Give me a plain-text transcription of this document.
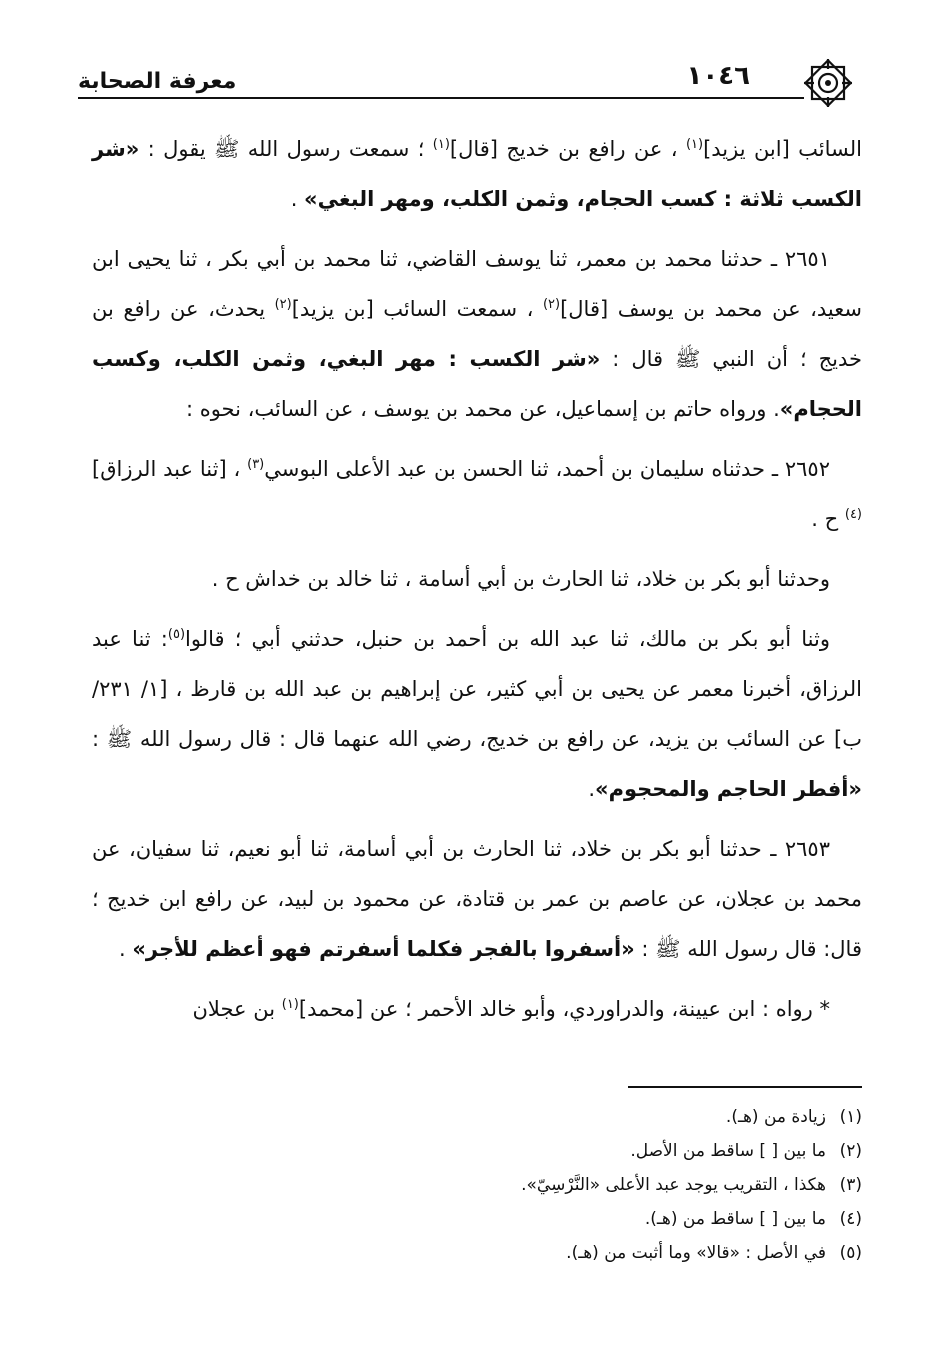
معرفة الصحابة	١٠٤٦

السائب [ابن يزيد]$^{(١)}$ ، عن رافع بن خديج [قال]$^{(١)}$ ؛ سمعت رسول الله ﷺ يقول : «شر الكسب ثلاثة : كسب الحجام، وثمن الكلب، ومهر البغي» .

٢٦٥١ ـ حدثنا محمد بن معمر، ثنا يوسف القاضي، ثنا محمد بن أبي بكر ، ثنا يحيى ابن سعيد، عن محمد بن يوسف [قال]$^{(٢)}$ ، سمعت السائب [بن يزيد]$^{(٢)}$ يحدث، عن رافع بن خديج ؛ أن النبي ﷺ قال : «شر الكسب : مهر البغي، وثمن الكلب، وكسب الحجام». ورواه حاتم بن إسماعيل، عن محمد بن يوسف ، عن السائب، نحوه :

٢٦٥٢ ـ حدثناه سليمان بن أحمد، ثنا الحسن بن عبد الأعلى البوسي$^{(٣)}$ ، [ثنا عبد الرزاق]$^{(٤)}$ ح .

وحدثنا أبو بكر بن خلاد، ثنا الحارث بن أبي أسامة ، ثنا خالد بن خداش ح .

وثنا أبو بكر بن مالك، ثنا عبد الله بن أحمد بن حنبل، حدثني أبي ؛ قالوا$^{(٥)}$: ثنا عبد الرزاق، أخبرنا معمر عن يحيى بن أبي كثير، عن إبراهيم بن عبد الله بن قارظ ، [١/ ٢٣١/ ب] عن السائب بن يزيد، عن رافع بن خديج، رضي الله عنهما قال : قال رسول الله ﷺ : «أفطر الحاجم والمحجوم».

٢٦٥٣ ـ حدثنا أبو بكر بن خلاد، ثنا الحارث بن أبي أسامة، ثنا أبو نعيم، ثنا سفيان، عن محمد بن عجلان، عن عاصم بن عمر بن قتادة، عن محمود بن لبيد، عن رافع ابن خديج ؛ قال: قال رسول الله ﷺ : «أسفروا بالفجر فكلما أسفرتم فهو أعظم للأجر» .

* رواه : ابن عيينة، والدراوردي، وأبو خالد الأحمر ؛ عن [محمد]$^{(١)}$ بن عجلان

(١)زيادة من (هـ).
(٢)ما بين [ ] ساقط من الأصل.
(٣)هكذا ، التقريب يوجد عبد الأعلى «النَّرْسِيّ».
(٤)ما بين [ ] ساقط من (هـ).
(٥)في الأصل : «قالا» وما أثبت من (هـ).
